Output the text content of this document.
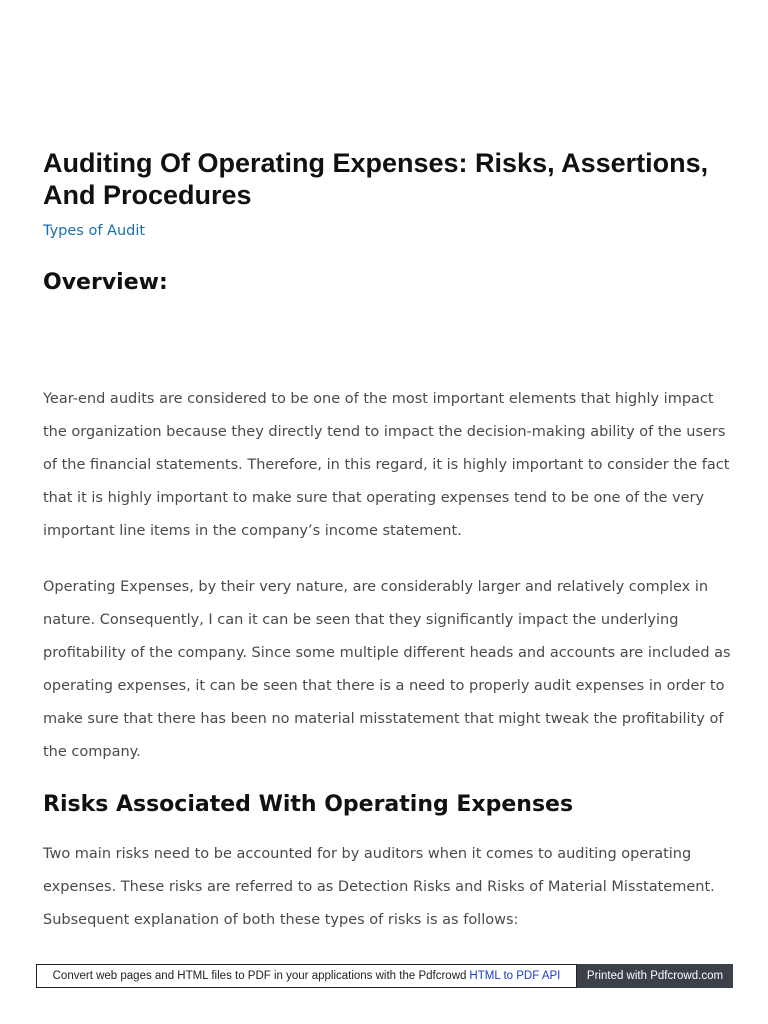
Auditing Of Operating Expenses: Risks, Assertions, And Procedures
Types of Audit
Overview:

Year-end audits are considered to be one of the most important elements that highly impact the organization because they directly tend to impact the decision-making ability of the users of the financial statements. Therefore, in this regard, it is highly important to consider the fact that it is highly important to make sure that operating expenses tend to be one of the very important line items in the company’s income statement.

Operating Expenses, by their very nature, are considerably larger and relatively complex in nature. Consequently, I can it can be seen that they significantly impact the underlying profitability of the company. Since some multiple different heads and accounts are included as operating expenses, it can be seen that there is a need to properly audit expenses in order to make sure that there has been no material misstatement that might tweak the profitability of the company.

Risks Associated With Operating Expenses

Two main risks need to be accounted for by auditors when it comes to auditing operating expenses. These risks are referred to as Detection Risks and Risks of Material Misstatement. Subsequent explanation of both these types of risks is as follows:

Convert web pages and HTML files to PDF in your applications with the Pdfcrowd HTML to PDF API Printed with Pdfcrowd.com
